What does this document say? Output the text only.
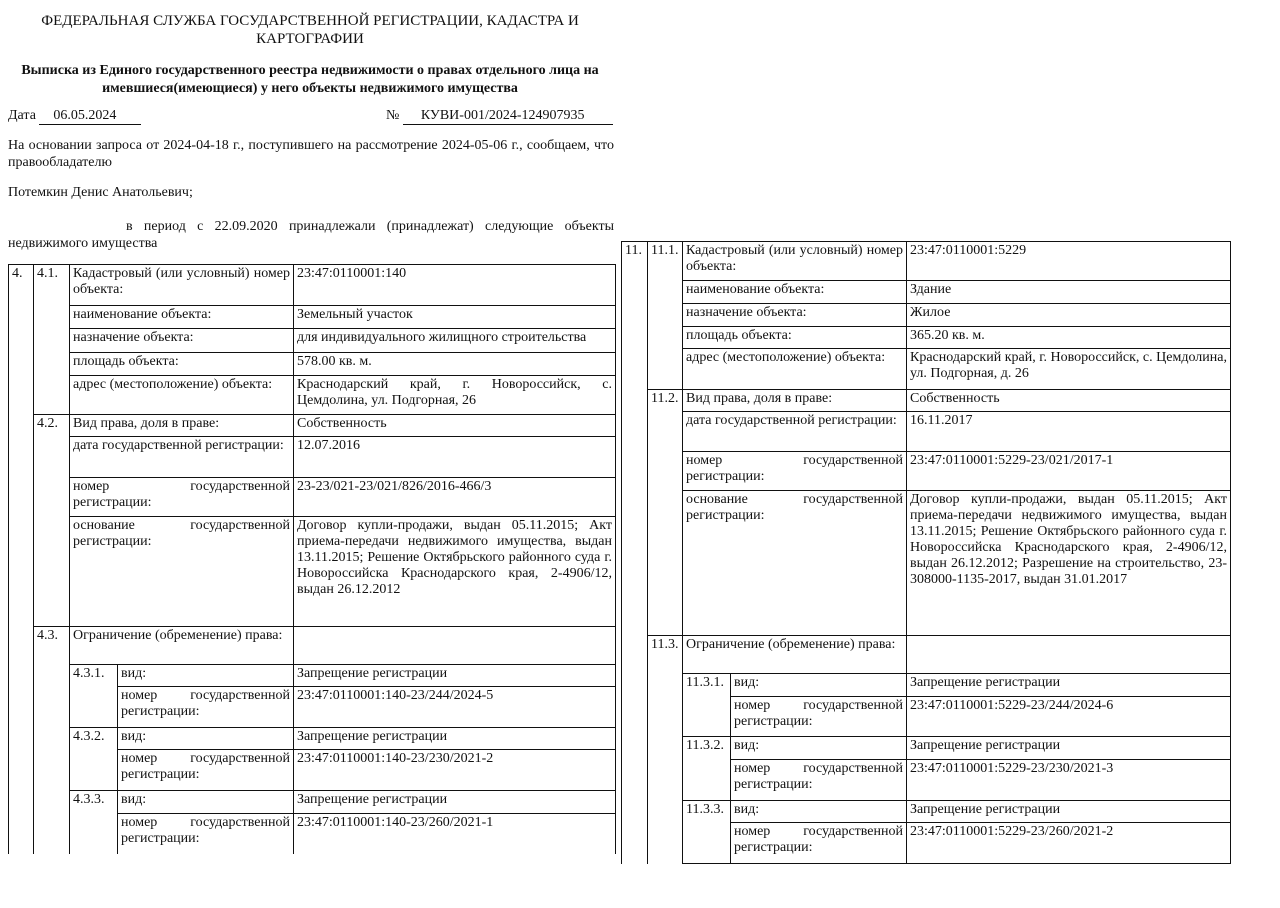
ФЕДЕРАЛЬНАЯ СЛУЖБА ГОСУДАРСТВЕННОЙ РЕГИСТРАЦИИ, КАДАСТРА И КАРТОГРАФИИ
Выписка из Единого государственного реестра недвижимости о правах отдельного лица на имевшиеся(имеющиеся) у него объекты недвижимого имущества
Дата 06.05.2024	№ КУВИ-001/2024-124907935
На основании запроса от 2024-04-18 г., поступившего на рассмотрение 2024-05-06 г., сообщаем, что правообладателю
Потемкин Денис Анатольевич;
в период с 22.09.2020 принадлежали (принадлежат) следующие объекты
недвижимого имущества
4.	4.1.	Кадастровый (или условный) номер объекта:		23:47:0110001:140
		наименование объекта:		Земельный участок
		назначение объекта:		для индивидуального жилищного строительства
		площадь объекта:		578.00 кв. м.
		адрес (местоположение) объекта:		Краснодарский край, г. Новороссийск, с. Цемдолина, ул. Подгорная, 26
	4.2.	Вид права, доля в праве:		Собственность
		дата государственной регистрации:		12.07.2016
		номер государственной регистрации:		23-23/021-23/021/826/2016-466/3
		основание государственной регистрации:		Договор купли-продажи, выдан 05.11.2015; Акт приема-передачи недвижимого имущества, выдан 13.11.2015; Решение Октябрьского районного суда г. Новороссийска Краснодарского края, 2-4906/12, выдан 26.12.2012
	4.3.	Ограничение (обременение) права:		
		4.3.1.	вид:	Запрещение регистрации
			номер государственной регистрации:	23:47:0110001:140-23/244/2024-5
		4.3.2.	вид:	Запрещение регистрации
			номер государственной регистрации:	23:47:0110001:140-23/230/2021-2
		4.3.3.	вид:	Запрещение регистрации
			номер государственной регистрации:	23:47:0110001:140-23/260/2021-1
11.	11.1.	Кадастровый (или условный) номер объекта:		23:47:0110001:5229
		наименование объекта:		Здание
		назначение объекта:		Жилое
		площадь объекта:		365.20 кв. м.
		адрес (местоположение) объекта:		Краснодарский край, г. Новороссийск, с. Цемдолина, ул. Подгорная, д. 26
	11.2.	Вид права, доля в праве:		Собственность
		дата государственной регистрации:		16.11.2017
		номер государственной регистрации:		23:47:0110001:5229-23/021/2017-1
		основание государственной регистрации:		Договор купли-продажи, выдан 05.11.2015; Акт приема-передачи недвижимого имущества, выдан 13.11.2015; Решение Октябрьского районного суда г. Новороссийска Краснодарского края, 2-4906/12, выдан 26.12.2012; Разрешение на строительство, 23-308000-1135-2017, выдан 31.01.2017
	11.3.	Ограничение (обременение) права:		
		11.3.1.	вид:	Запрещение регистрации
			номер государственной регистрации:	23:47:0110001:5229-23/244/2024-6
		11.3.2.	вид:	Запрещение регистрации
			номер государственной регистрации:	23:47:0110001:5229-23/230/2021-3
		11.3.3.	вид:	Запрещение регистрации
			номер государственной регистрации:	23:47:0110001:5229-23/260/2021-2
